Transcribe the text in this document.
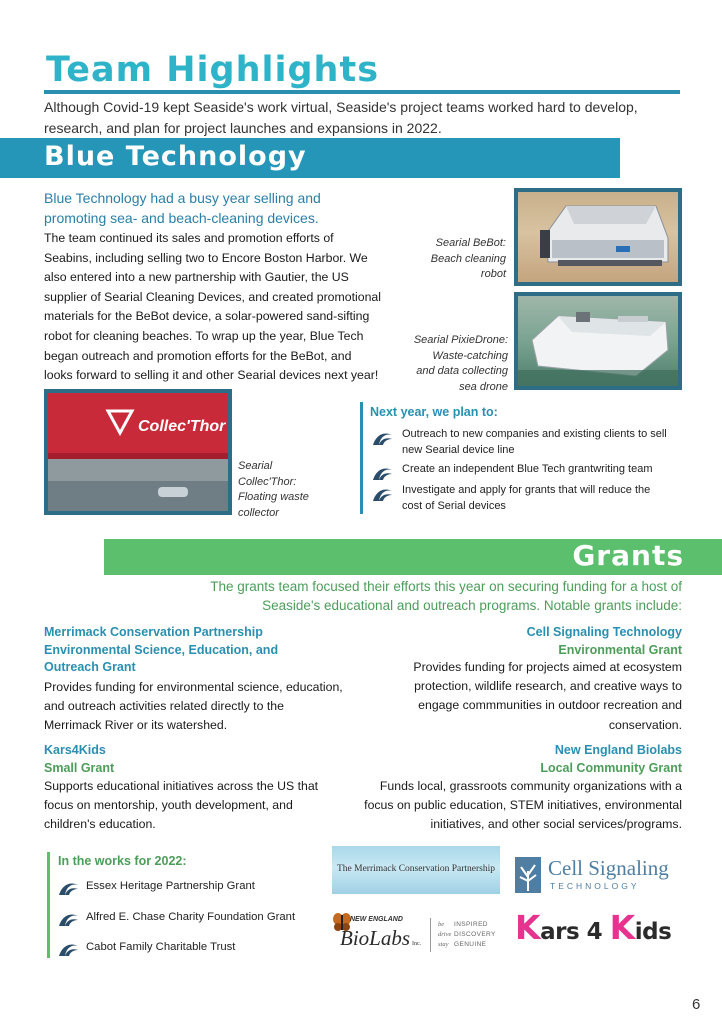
Team Highlights
Although Covid-19 kept Seaside's work virtual, Seaside's project teams worked hard to develop, research, and plan for project launches and expansions in 2022.
Blue Technology
Blue Technology had a busy year selling and promoting sea- and beach-cleaning devices.
The team continued its sales and promotion efforts of Seabins, including selling two to Encore Boston Harbor. We also entered into a new partnership with Gautier, the US supplier of Searial Cleaning Devices, and created promotional materials for the BeBot device, a solar-powered sand-sifting robot for cleaning beaches. To wrap up the year, Blue Tech began outreach and promotion efforts for the BeBot, and looks forward to selling it and other Searial devices next year!
Searial BeBot: Beach cleaning robot
Searial PixieDrone: Waste-catching and data collecting sea drone
Collec'Thor
Searial Collec'Thor: Floating waste collector
Next year, we plan to:
Outreach to new companies and existing clients to sell new Searial device line
Create an independent Blue Tech grantwriting team
Investigate and apply for grants that will reduce the cost of Serial devices
Grants
The grants team focused their efforts this year on securing funding for a host of Seaside's educational and outreach programs. Notable grants include:
Merrimack Conservation Partnership Environmental Science, Education, and Outreach Grant
Provides funding for environmental science, education, and outreach activities related directly to the Merrimack River or its watershed.
Cell Signaling Technology
Environmental Grant
Provides funding for projects aimed at ecosystem protection, wildlife research, and creative ways to engage commmunities in outdoor recreation and conservation.
Kars4Kids
Small Grant
Supports educational initiatives across the US that focus on mentorship, youth development, and children's education.
New England Biolabs
Local Community Grant
Funds local, grassroots community organizations with a focus on public education, STEM initiatives, environmental initiatives, and other social services/programs.
In the works for 2022:
Essex Heritage Partnership Grant
Alfred E. Chase Charity Foundation Grant
Cabot Family Charitable Trust
The Merrimack Conservation Partnership	Cell Signaling
TECHNOLOGY
NEW ENGLAND
BioLabs Inc.
be
drive
stay
INSPIRED
DISCOVERY
GENUINE Kars 4 Kids
6
